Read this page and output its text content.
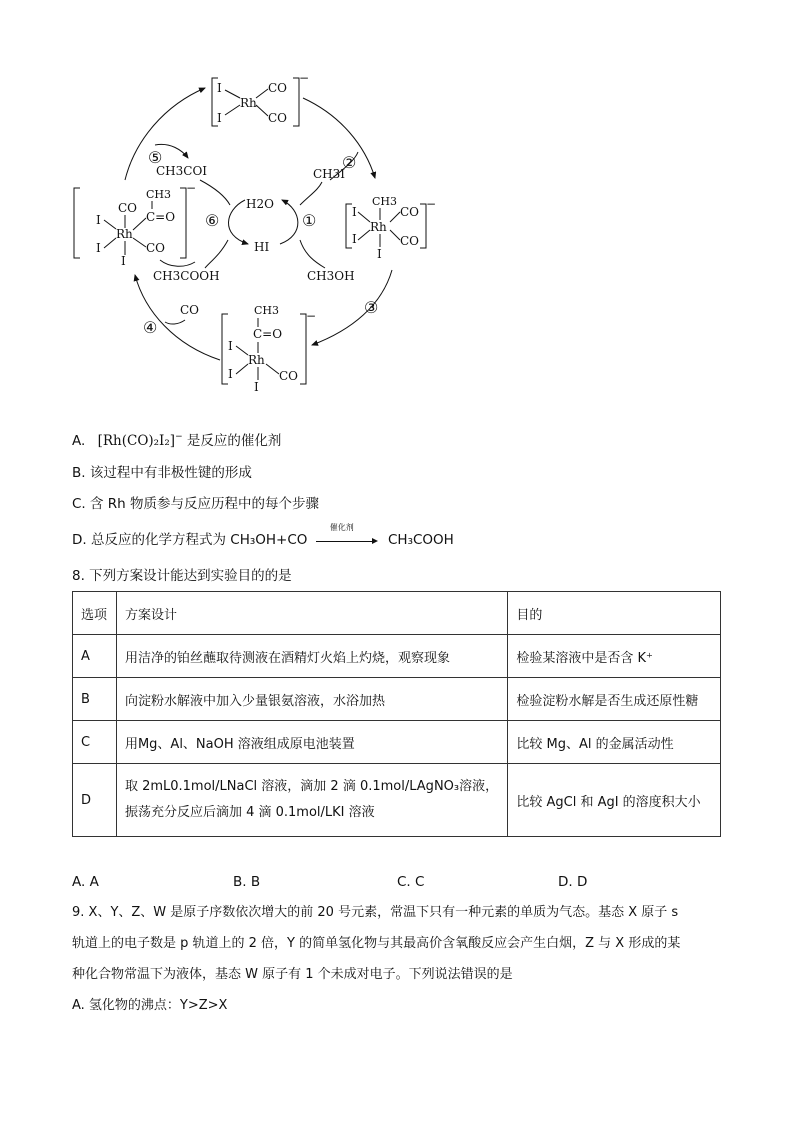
I
I
Rh
CO
CO
−
CH3
I
I
Rh
CO
CO
I
−
CH3
C=O
I
I
Rh
CO
I
−
CO
CH3
C=O
I
I
Rh
CO
I
−
H2O
HI
①
⑥
②
CH3I
③
④
CO
⑤
CH3COI
CH3COOH	CH3OH
A. [Rh(CO)₂I₂]− 是反应的催化剂
B. 该过程中有非极性键的形成
C. 含 Rh 物质参与反应历程中的每个步骤
D. 总反应的化学方程式为 CH₃OH+CO
催化剂
CH₃COOH
8. 下列方案设计能达到实验目的的是
选项	方案设计	目的
A	用洁净的铂丝蘸取待测液在酒精灯火焰上灼烧，观察现象	检验某溶液中是否含 K⁺
B	向淀粉水解液中加入少量银氨溶液，水浴加热	检验淀粉水解是否生成还原性糖
C	用Mg、Al、NaOH 溶液组成原电池装置	比较 Mg、Al 的金属活动性
D	取 2mL0.1mol/LNaCl 溶液，滴加 2 滴 0.1mol/LAgNO₃溶液，
振荡充分反应后滴加 4 滴 0.1mol/LKI 溶液	比较 AgCl 和 AgI 的溶度积大小
A. A	B. B	C. C	D. D
9. X、Y、Z、W 是原子序数依次增大的前 20 号元素，常温下只有一种元素的单质为气态。基态 X 原子 s
轨道上的电子数是 p 轨道上的 2 倍，Y 的简单氢化物与其最高价含氧酸反应会产生白烟，Z 与 X 形成的某
种化合物常温下为液体，基态 W 原子有 1 个未成对电子。下列说法错误的是
A. 氢化物的沸点：Y>Z>X
